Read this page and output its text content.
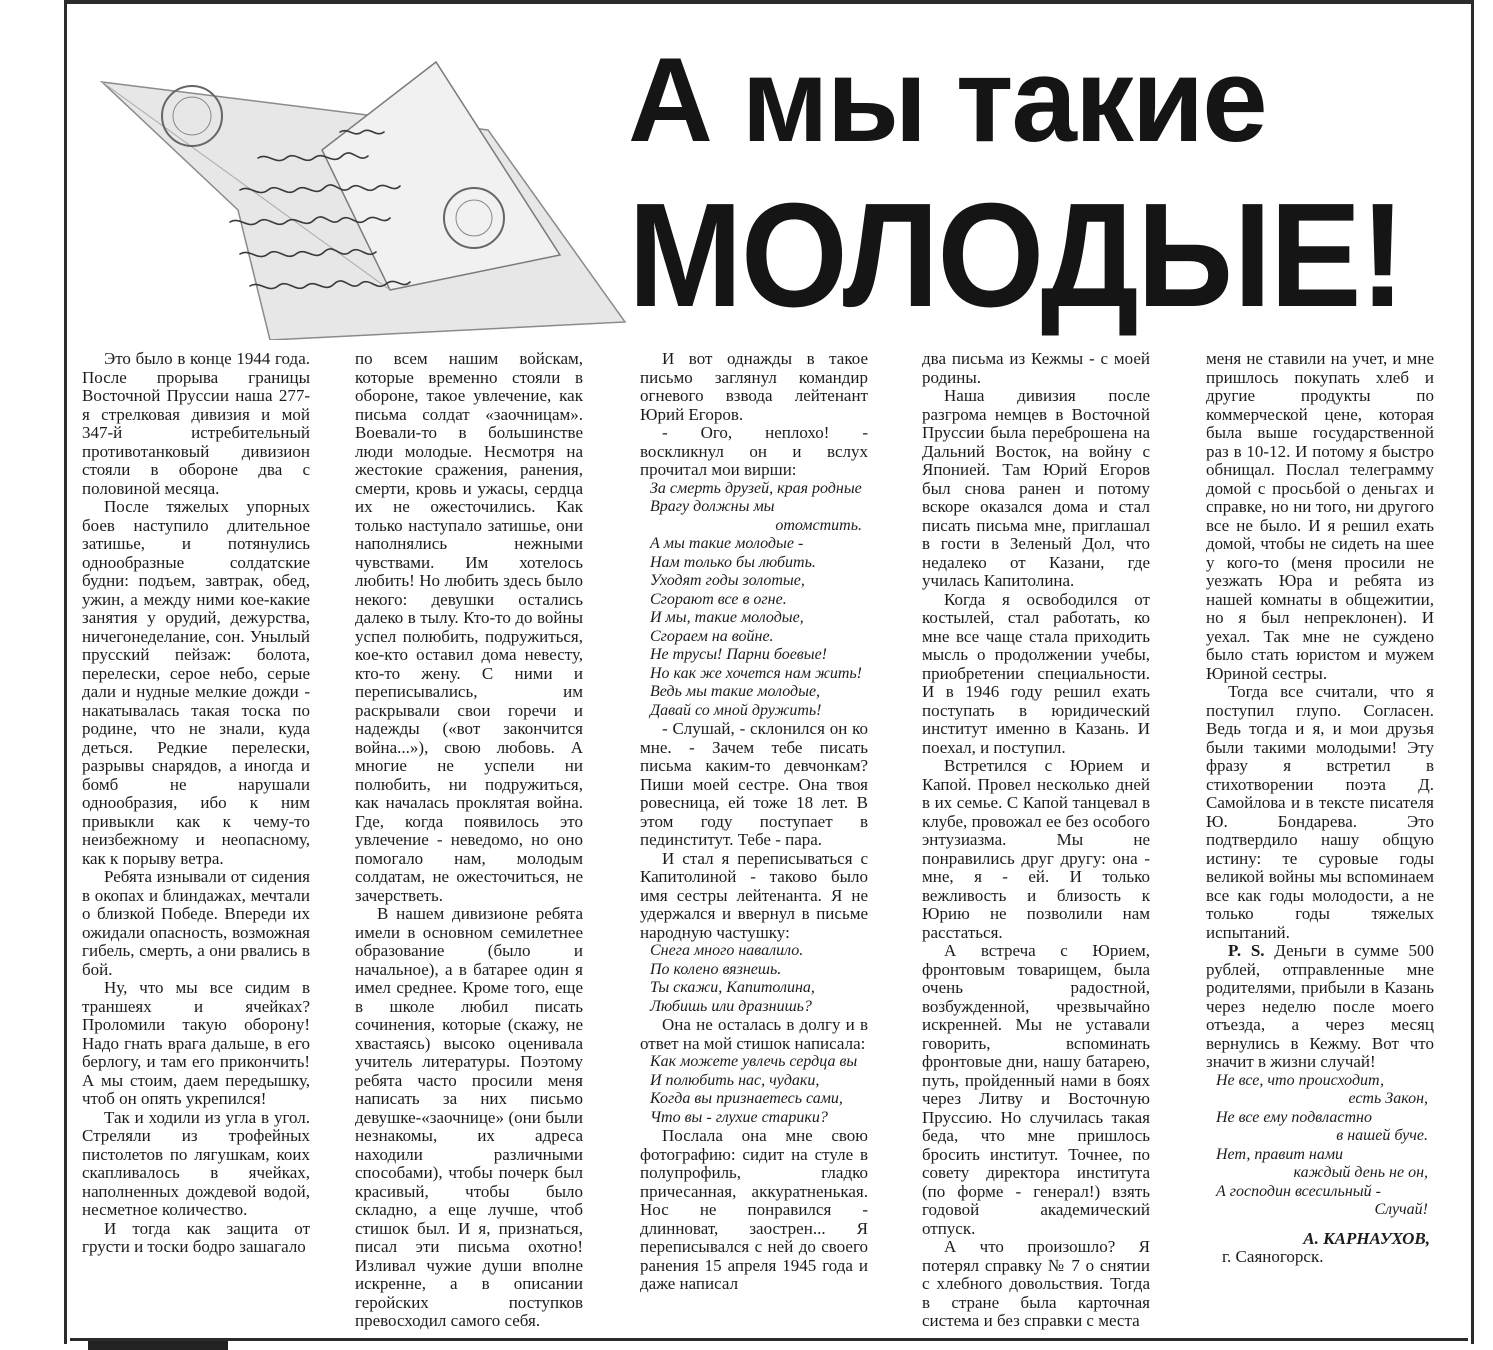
А мы такие
МОЛОДЫЕ!

Это было в конце 1944 года. После прорыва границы Восточной Пруссии наша 277-я стрелковая дивизия и мой 347-й истребительный противотанковый дивизион стояли в обороне два с половиной месяца.

После тяжелых упорных боев наступило длительное затишье, и потянулись однообразные солдатские будни: подъем, завтрак, обед, ужин, а между ними кое-какие занятия у орудий, дежурства, ничегонеделание, сон. Унылый прусский пейзаж: болота, перелески, серое небо, серые дали и нудные мелкие дожди - накатывалась такая тоска по родине, что не знали, куда деться. Редкие перелески, разрывы снарядов, а иногда и бомб не нарушали однообразия, ибо к ним привыкли как к чему-то неизбежному и неопасному, как к порыву ветра.

Ребята изнывали от сидения в окопах и блиндажах, мечтали о близкой Победе. Впереди их ожидали опасность, возможная гибель, смерть, а они рвались в бой.

Ну, что мы все сидим в траншеях и ячейках? Проломили такую оборону! Надо гнать врага дальше, в его берлогу, и там его прикончить! А мы стоим, даем передышку, чтоб он опять укрепился!

Так и ходили из угла в угол. Стреляли из трофейных пистолетов по лягушкам, коих скапливалось в ячейках, наполненных дождевой водой, несметное количество.

И тогда как защита от грусти и тоски бодро зашагало

по всем нашим войскам, которые временно стояли в обороне, такое увлечение, как письма солдат «заочницам». Воевали-то в большинстве люди молодые. Несмотря на жестокие сражения, ранения, смерти, кровь и ужасы, сердца их не ожесточились. Как только наступало затишье, они наполнялись нежными чувствами. Им хотелось любить! Но любить здесь было некого: девушки остались далеко в тылу. Кто-то до войны успел полюбить, подружиться, кое-кто оставил дома невесту, кто-то жену. С ними и переписывались, им раскрывали свои горечи и надежды («вот закончится война...»), свою любовь. А многие не успели ни полюбить, ни подружиться, как началась проклятая война. Где, когда появилось это увлечение - неведомо, но оно помогало нам, молодым солдатам, не ожесточиться, не зачерстветь.

В нашем дивизионе ребята имели в основном семилетнее образование (было и начальное), а в батарее один я имел среднее. Кроме того, еще в школе любил писать сочинения, которые (скажу, не хвастаясь) высоко оценивала учитель литературы. Поэтому ребята часто просили меня написать за них письмо девушке-«заочнице» (они были незнакомы, их адреса находили различными способами), чтобы почерк был красивый, чтобы было складно, а еще лучше, чтоб стишок был. И я, признаться, писал эти письма охотно! Изливал чужие души вполне искренне, а в описании геройских поступков превосходил самого себя.

И вот однажды в такое письмо заглянул командир огневого взвода лейтенант Юрий Егоров.

- Ого, неплохо! - воскликнул он и вслух прочитал мои вирши:

За смерть друзей, края родные
Врагу должны мы
отомстить.
А мы такие молодые -
Нам только бы любить.
Уходят годы золотые,
Сгорают все в огне.
И мы, такие молодые,
Сгораем на войне.
Не трусы! Парни боевые!
Но как же хочется нам жить!
Ведь мы такие молодые,
Давай со мной дружить!

- Слушай, - склонился он ко мне. - Зачем тебе писать письма каким-то девчонкам? Пиши моей сестре. Она твоя ровесница, ей тоже 18 лет. В этом году поступает в пединститут. Тебе - пара.

И стал я переписываться с Капитолиной - таково было имя сестры лейтенанта. Я не удержался и ввернул в письме народную частушку:

Снега много навалило.
По колено вязнешь.
Ты скажи, Капитолина,
Любишь или дразнишь?

Она не осталась в долгу и в ответ на мой стишок написала:

Как можете увлечь сердца вы
И полюбить нас, чудаки,
Когда вы признаетесь сами,
Что вы - глухие старики?

Послала она мне свою фотографию: сидит на стуле в полупрофиль, гладко причесанная, аккуратненькая. Нос не понравился - длинноват, заострен... Я переписывался с ней до своего ранения 15 апреля 1945 года и даже написал

два письма из Кежмы - с моей родины.

Наша дивизия после разгрома немцев в Восточной Пруссии была переброшена на Дальний Восток, на войну с Японией. Там Юрий Егоров был снова ранен и потому вскоре оказался дома и стал писать письма мне, приглашал в гости в Зеленый Дол, что недалеко от Казани, где училась Капитолина.

Когда я освободился от костылей, стал работать, ко мне все чаще стала приходить мысль о продолжении учебы, приобретении специальности. И в 1946 году решил ехать поступать в юридический институт именно в Казань. И поехал, и поступил.

Встретился с Юрием и Капой. Провел несколько дней в их семье. С Капой танцевал в клубе, провожал ее без особого энтузиазма. Мы не понравились друг другу: она - мне, я - ей. И только вежливость и близость к Юрию не позволили нам расстаться.

А встреча с Юрием, фронтовым товарищем, была очень радостной, возбужденной, чрезвычайно искренней. Мы не уставали говорить, вспоминать фронтовые дни, нашу батарею, путь, пройденный нами в боях через Литву и Восточную Пруссию. Но случилась такая беда, что мне пришлось бросить институт. Точнее, по совету директора института (по форме - генерал!) взять годовой академический отпуск.

А что произошло? Я потерял справку № 7 о снятии с хлебного довольствия. Тогда в стране была карточная система и без справки с места

меня не ставили на учет, и мне пришлось покупать хлеб и другие продукты по коммерческой цене, которая была выше государственной раз в 10-12. И потому я быстро обнищал. Послал телеграмму домой с просьбой о деньгах и справке, но ни того, ни другого все не было. И я решил ехать домой, чтобы не сидеть на шее у кого-то (меня просили не уезжать Юра и ребята из нашей комнаты в общежитии, но я был непреклонен). И уехал. Так мне не суждено было стать юристом и мужем Юриной сестры.

Тогда все считали, что я поступил глупо. Согласен. Ведь тогда и я, и мои друзья были такими молодыми! Эту фразу я встретил в стихотворении поэта Д. Самойлова и в тексте писателя Ю. Бондарева. Это подтвердило нашу общую истину: те суровые годы великой войны мы вспоминаем все как годы молодости, а не только годы тяжелых испытаний.

P. S. Деньги в сумме 500 рублей, отправленные мне родителями, прибыли в Казань через неделю после моего отъезда, а через месяц вернулись в Кежму. Вот что значит в жизни случай!

Не все, что происходит,
есть Закон,
Не все ему подвластно
в нашей буче.
Нет, правит нами
каждый день не он,
А господин всесильный -
Случай!
А. КАРНАУХОВ,
г. Саяногорск.
